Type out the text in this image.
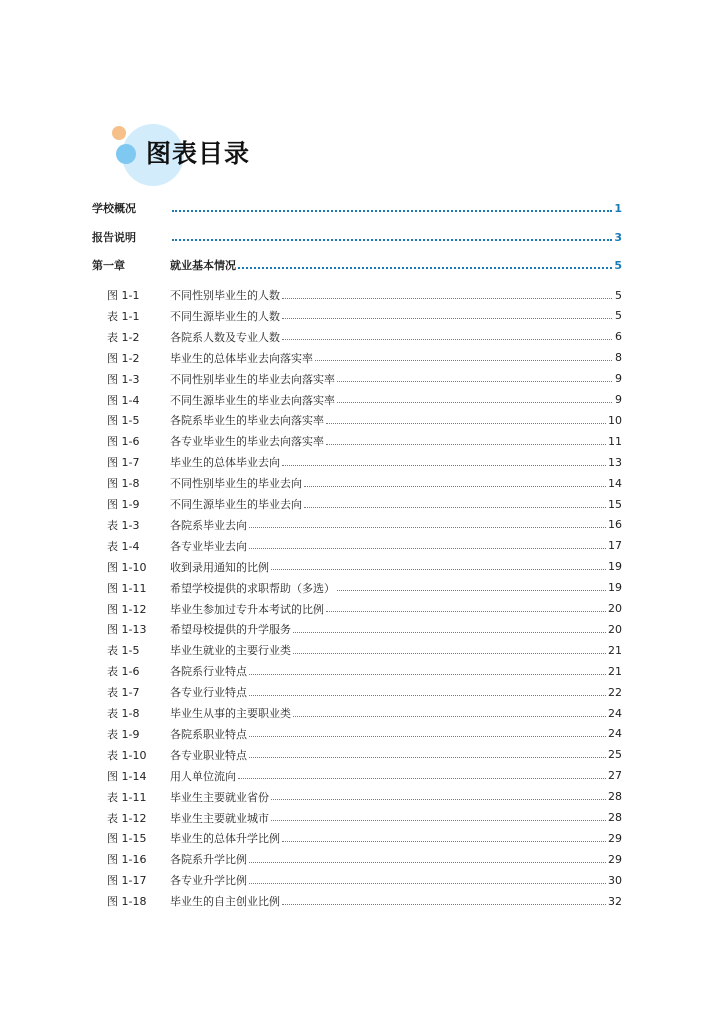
图表目录
学校概况	1
报告说明	3
第一章	就业基本情况	5
图 1-1	不同性别毕业生的人数	5
表 1-1	不同生源毕业生的人数	5
表 1-2	各院系人数及专业人数	6
图 1-2	毕业生的总体毕业去向落实率	8
图 1-3	不同性别毕业生的毕业去向落实率	9
图 1-4	不同生源毕业生的毕业去向落实率	9
图 1-5	各院系毕业生的毕业去向落实率	10
图 1-6	各专业毕业生的毕业去向落实率	11
图 1-7	毕业生的总体毕业去向	13
图 1-8	不同性别毕业生的毕业去向	14
图 1-9	不同生源毕业生的毕业去向	15
表 1-3	各院系毕业去向	16
表 1-4	各专业毕业去向	17
图 1-10	收到录用通知的比例	19
图 1-11	希望学校提供的求职帮助（多选）	19
图 1-12	毕业生参加过专升本考试的比例	20
图 1-13	希望母校提供的升学服务	20
表 1-5	毕业生就业的主要行业类	21
表 1-6	各院系行业特点	21
表 1-7	各专业行业特点	22
表 1-8	毕业生从事的主要职业类	24
表 1-9	各院系职业特点	24
表 1-10	各专业职业特点	25
图 1-14	用人单位流向	27
表 1-11	毕业生主要就业省份	28
表 1-12	毕业生主要就业城市	28
图 1-15	毕业生的总体升学比例	29
图 1-16	各院系升学比例	29
图 1-17	各专业升学比例	30
图 1-18	毕业生的自主创业比例	32
